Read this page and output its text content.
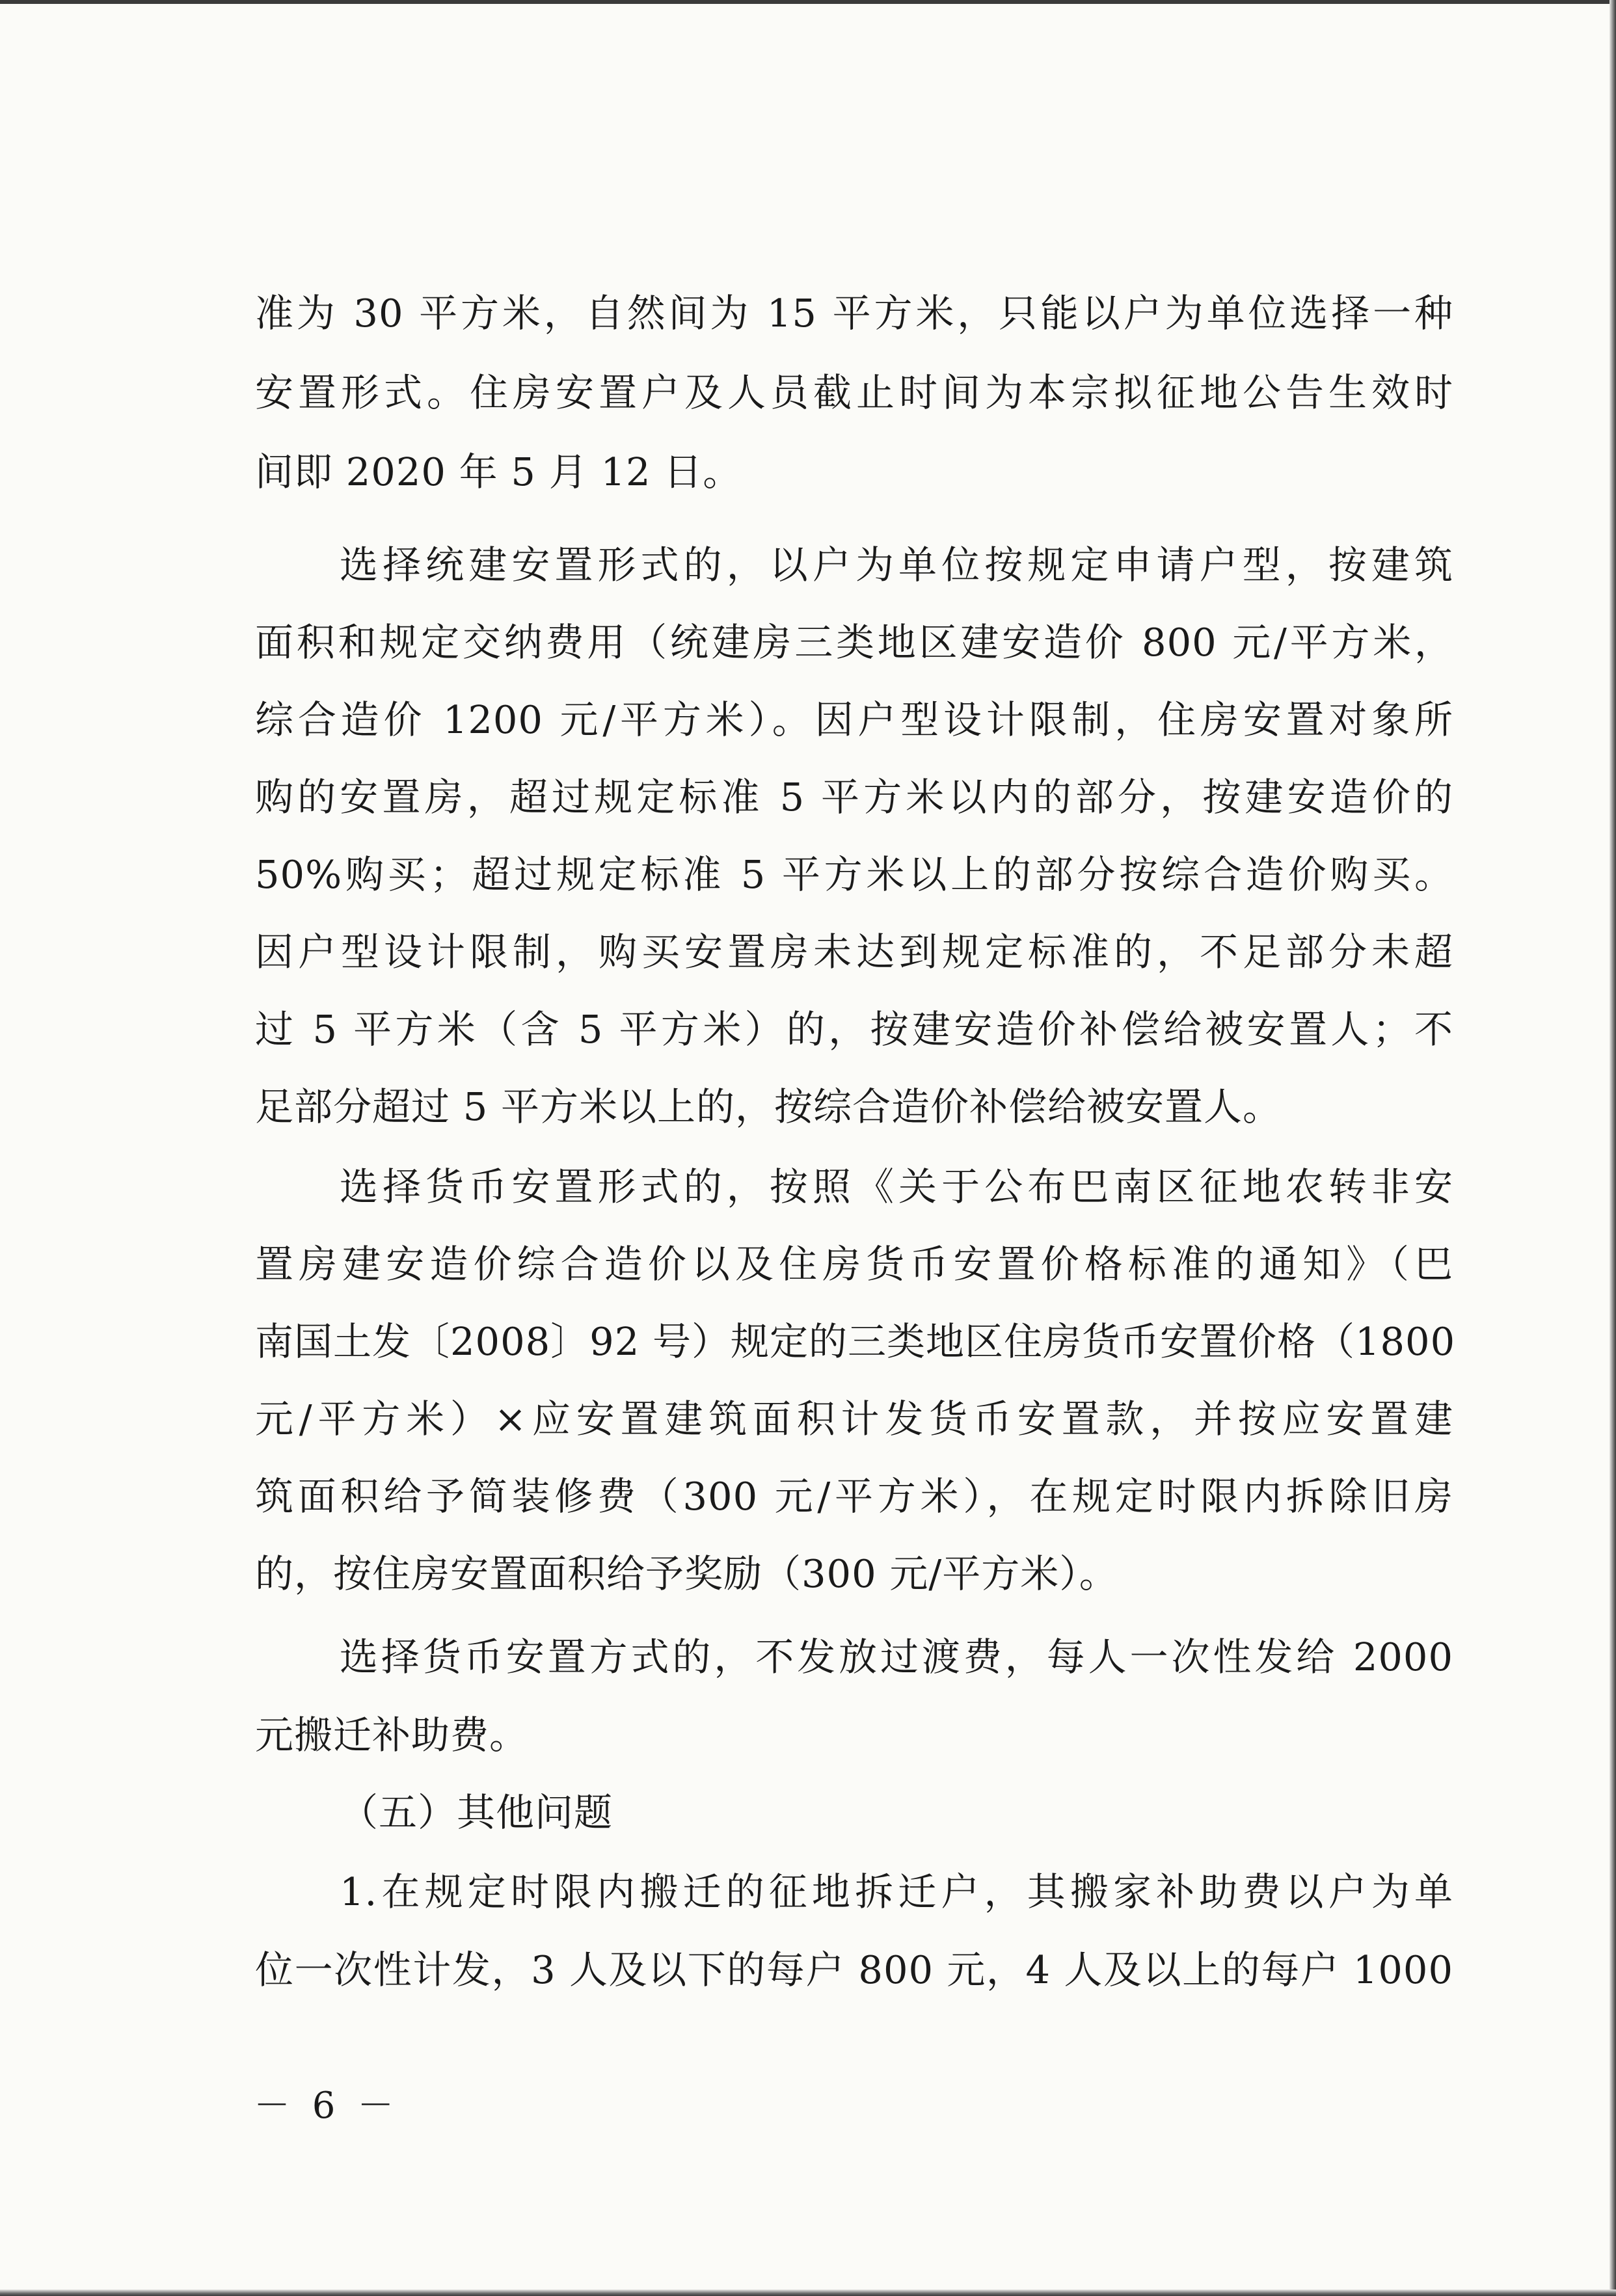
准为 30 平方米，自然间为 15 平方米，只能以户为单位选择一种
安置形式。住房安置户及人员截止时间为本宗拟征地公告生效时
间即 2020 年 5 月 12 日。
选择统建安置形式的，以户为单位按规定申请户型，按建筑
面积和规定交纳费用（统建房三类地区建安造价 800 元/平方米，
综合造价 1200 元/平方米）。因户型设计限制，住房安置对象所
购的安置房，超过规定标准 5 平方米以内的部分，按建安造价的
50%购买；超过规定标准 5 平方米以上的部分按综合造价购买。
因户型设计限制，购买安置房未达到规定标准的，不足部分未超
过 5 平方米（含 5 平方米）的，按建安造价补偿给被安置人；不
足部分超过 5 平方米以上的，按综合造价补偿给被安置人。
选择货币安置形式的，按照《关于公布巴南区征地农转非安
置房建安造价综合造价以及住房货币安置价格标准的通知》（巴
南国土发〔2008〕92 号）规定的三类地区住房货币安置价格（1800
元/平方米）×应安置建筑面积计发货币安置款，并按应安置建
筑面积给予简装修费（300 元/平方米），在规定时限内拆除旧房
的，按住房安置面积给予奖励（300 元/平方米）。
选择货币安置方式的，不发放过渡费，每人一次性发给 2000
元搬迁补助费。
（五）其他问题
1.在规定时限内搬迁的征地拆迁户，其搬家补助费以户为单
位一次性计发，3 人及以下的每户 800 元，4 人及以上的每户 1000
－ 6 －
